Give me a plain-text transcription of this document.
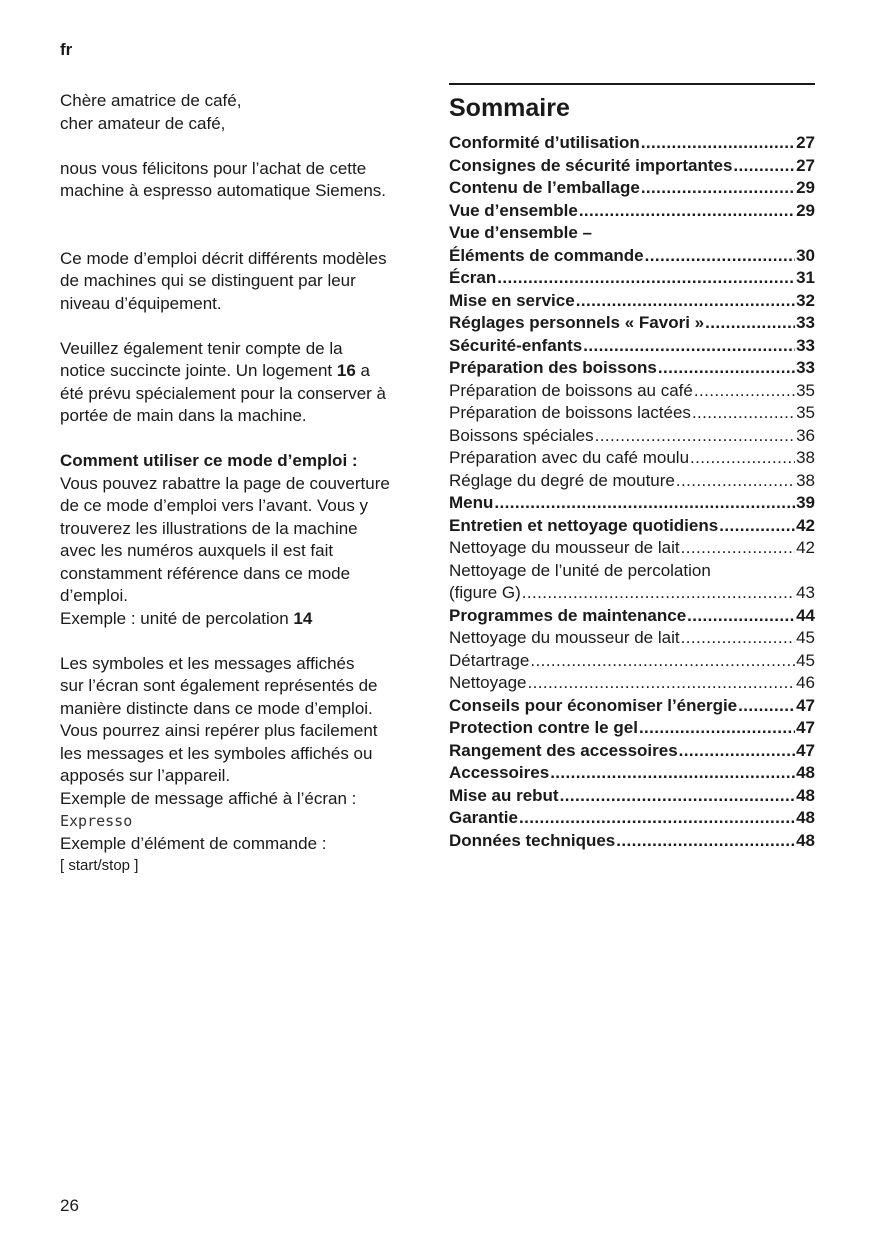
fr

Chère amatrice de café,

cher amateur de café,

nous vous félicitons pour l’achat de cette

machine à espresso automatique Siemens.

Ce mode d’emploi décrit différents modèles

de machines qui se distinguent par leur

niveau d’équipement.

Veuillez également tenir compte de la

notice succincte jointe. Un logement 16 a

été prévu spécialement pour la conserver à

portée de main dans la machine.

Comment utiliser ce mode d’emploi :

Vous pouvez rabattre la page de couverture

de ce mode d’emploi vers l’avant. Vous y

trouverez les illustrations de la machine

avec les numéros auxquels il est fait

constamment référence dans ce mode

d’emploi.

Exemple : unité de percolation 14

Les symboles et les messages affichés

sur l’écran sont également représentés de

manière distincte dans ce mode d’emploi.

Vous pourrez ainsi repérer plus facilement

les messages et les symboles affichés ou

apposés sur l’appareil.

Exemple de message affiché à l’écran :

Expresso

Exemple d’élément de commande :

[ start/stop ]

Sommaire
Conformité d’utilisation .....	27
Consignes de sécurité importantes .....	27
Contenu de l’emballage .....	29
Vue d’ensemble .....	29
Vue d’ensemble –
Éléments de commande .....	30
Écran .....	31
Mise en service .....	32
Réglages personnels « Favori » .....	33
Sécurité-enfants .....	33
Préparation des boissons .....	33
Préparation de boissons au café .....	35
Préparation de boissons lactées .....	35
Boissons spéciales .....	36
Préparation avec du café moulu .....	38
Réglage du degré de mouture .....	38
Menu .....	39
Entretien et nettoyage quotidiens .....	42
Nettoyage du mousseur de lait .....	42
Nettoyage de l’unité de percolation
(figure G) .....	43
Programmes de maintenance .....	44
Nettoyage du mousseur de lait .....	45
Détartrage .....	45
Nettoyage .....	46
Conseils pour économiser l’énergie .....	47
Protection contre le gel .....	47
Rangement des accessoires .....	47
Accessoires .....	48
Mise au rebut .....	48
Garantie .....	48
Données techniques .....	48
26
